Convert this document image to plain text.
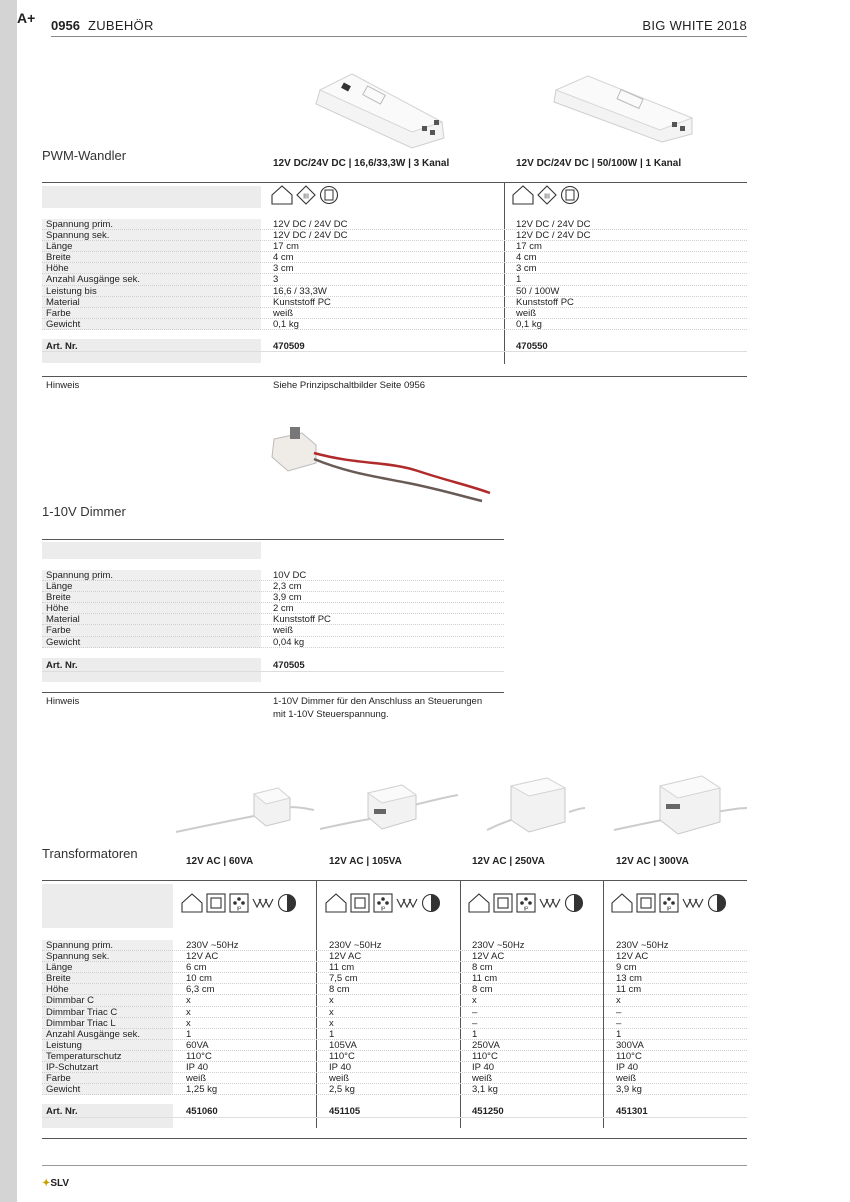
A+ 0956 ZUBEHÖR	BIG WHITE 2018
PWM-Wandler
12V DC/24V DC | 16,6/33,3W | 3 Kanal	12V DC/24V DC | 50/100W | 1 Kanal
III	III
Spannung prim.	12V DC / 24V DC	12V DC / 24V DC
Spannung sek.	12V DC / 24V DC	12V DC / 24V DC
Länge	17 cm	17 cm
Breite	4 cm	4 cm
Höhe	3 cm	3 cm
Anzahl Ausgänge sek.	3	1
Leistung bis	16,6 / 33,3W	50 / 100W
Material	Kunststoff PC	Kunststoff PC
Farbe	weiß	weiß
Gewicht	0,1 kg	0,1 kg
Art. Nr.	470509	470550
Hinweis	Siehe Prinzipschaltbilder Seite 0956
1-10V Dimmer
Spannung prim.	10V DC
Länge	2,3 cm
Breite	3,9 cm
Höhe	2 cm
Material	Kunststoff PC
Farbe	weiß
Gewicht	0,04 kg
Art. Nr.	470505
Hinweis	1-10V Dimmer für den Anschluss an Steuerungen
mit 1-10V Steuerspannung.
Transformatoren
12V AC | 60VA	12V AC | 105VA	12V AC | 250VA	12V AC | 300VA
IP	IP	IP	IP
Spannung prim.	230V ~50Hz	230V ~50Hz	230V ~50Hz	230V ~50Hz
Spannung sek.	12V AC	12V AC	12V AC	12V AC
Länge	6 cm	11 cm	8 cm	9 cm
Breite	10 cm	7,5 cm	11 cm	13 cm
Höhe	6,3 cm	8 cm	8 cm	11 cm
Dimmbar C	x	x	x	x
Dimmbar Triac C	x	x	–	–
Dimmbar Triac L	x	x	–	–
Anzahl Ausgänge sek.	1	1	1	1
Leistung	60VA	105VA	250VA	300VA
Temperaturschutz	110°C	110°C	110°C	110°C
IP-Schutzart	IP 40	IP 40	IP 40	IP 40
Farbe	weiß	weiß	weiß	weiß
Gewicht	1,25 kg	2,5 kg	3,1 kg	3,9 kg
Art. Nr.	451060	451105	451250	451301
✦SLV
